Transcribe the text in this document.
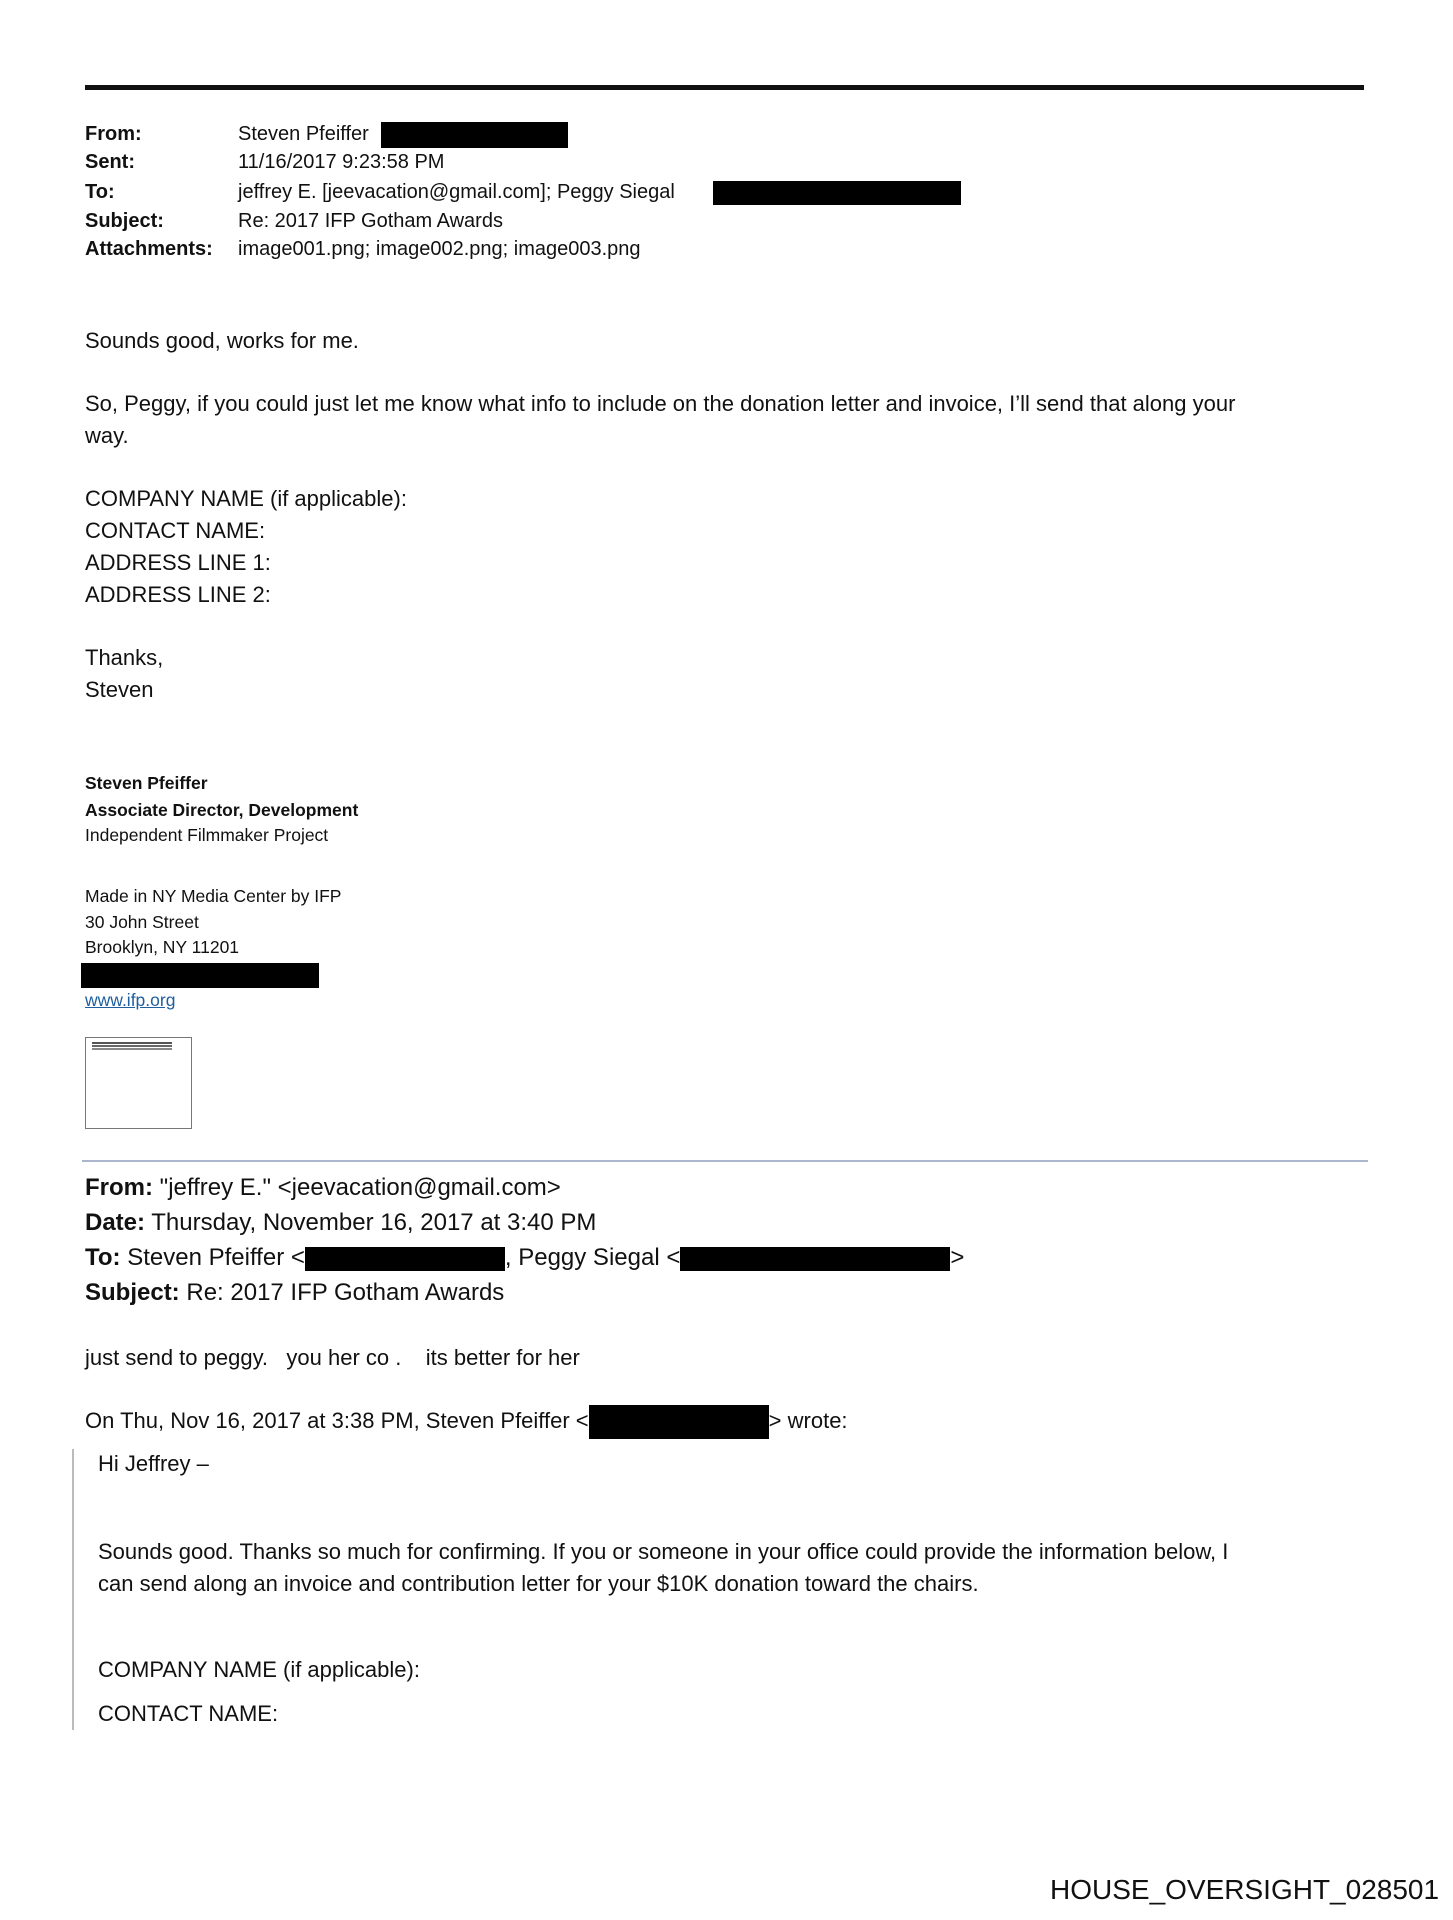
From:	Steven Pfeiffer
Sent:	11/16/2017 9:23:58 PM
To:	jeffrey E. [jeevacation@gmail.com]; Peggy Siegal
Subject:	Re: 2017 IFP Gotham Awards
Attachments: image001.png; image002.png; image003.png
Sounds good, works for me.
So, Peggy, if you could just let me know what info to include on the donation letter and invoice, I’ll send that along your
way.
COMPANY NAME (if applicable):
CONTACT NAME:
ADDRESS LINE 1:
ADDRESS LINE 2:
Thanks,
Steven
Steven Pfeiffer
Associate Director, Development
Independent Filmmaker Project
Made in NY Media Center by IFP
30 John Street
Brooklyn, NY 11201
www.ifp.org
From: "jeffrey E." <jeevacation@gmail.com>
Date: Thursday, November 16, 2017 at 3:40 PM
To: Steven Pfeiffer <	, Peggy Siegal <	>
Subject: Re: 2017 IFP Gotham Awards
just send to peggy.   you her co .    its better for her
On Thu, Nov 16, 2017 at 3:38 PM, Steven Pfeiffer <	> wrote:
Hi Jeffrey –
Sounds good. Thanks so much for confirming. If you or someone in your office could provide the information below, I
can send along an invoice and contribution letter for your $10K donation toward the chairs.
COMPANY NAME (if applicable):
CONTACT NAME:
HOUSE_OVERSIGHT_028501
